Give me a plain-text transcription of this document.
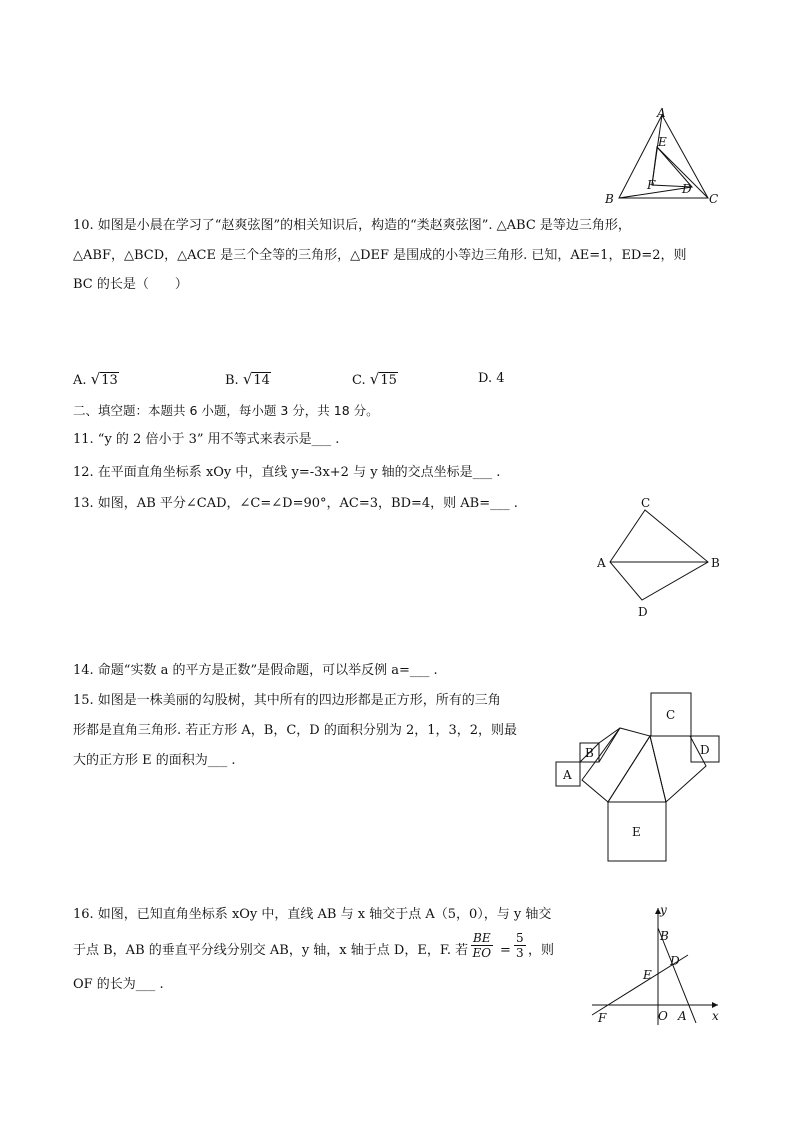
A
E
B	C
F D
10. 如图是小晨在学习了“赵爽弦图”的相关知识后，构造的“类赵爽弦图”. △ABC 是等边三角形，
△ABF，△BCD，△ACE 是三个全等的三角形，△DEF 是围成的小等边三角形. 已知，AE=1，ED=2，则
BC 的长是（　　）
A. √13	B. √14	C. √15	D. 4
二、填空题：本题共 6 小题，每小题 3 分，共 18 分。
11. “y 的 2 倍小于 3” 用不等式来表示是___ .
12. 在平面直角坐标系 xOy 中，直线 y=-3x+2 与 y 轴的交点坐标是___ .
13. 如图，AB 平分∠CAD，∠C=∠D=90°，AC=3，BD=4，则 AB=___ .	C
A	B
D
14. 命题“实数 a 的平方是正数”是假命题，可以举反例 a=___ .
15. 如图是一株美丽的勾股树，其中所有的四边形都是正方形，所有的三角
形都是直角三角形. 若正方形 A，B，C，D 的面积分别为 2，1，3，2，则最
大的正方形 E 的面积为___ .
C
D
B
A
E
16. 如图，已知直角坐标系 xOy 中，直线 AB 与 x 轴交于点 A（5，0），与 y 轴交
于点 B，AB 的垂直平分线分别交 AB，y 轴，x 轴于点 D，E，F. 若 $\frac{BE}{EO} = \frac{5}{3}$ ，则
OF 的长为___ .
y
x
B
D
E
F	O A
